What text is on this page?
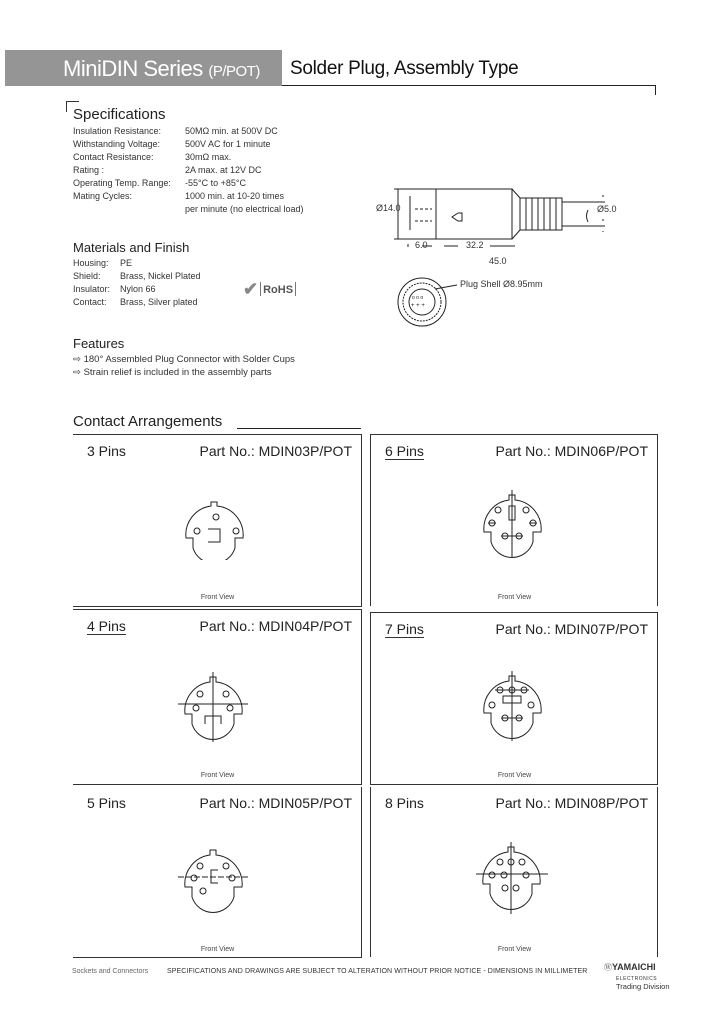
MiniDIN Series (P/POT) Solder Plug, Assembly Type
Specifications
Insulation Resistance:	50MΩ min. at 500V DC
Withstanding Voltage:	500V AC for 1 minute
Contact Resistance:	30mΩ max.
Rating :	2A max. at 12V DC
Operating Temp. Range: -55°C to +85°C
Mating Cycles:	1000 min. at 10-20 times
per minute (no electrical load)
Materials and Finish
Housing: PE
Shield: Brass, Nickel Plated
Insulator: Nylon 66
Contact: Brass, Silver plated
✔ RoHS
Ø14.0	Ø5.0
6.0	32.2
45.0
o o o
+ + +
Plug Shell Ø8.95mm
Features
⇨ 180° Assembled Plug Connector with Solder Cups
⇨ Strain relief is included in the assembly parts
Contact Arrangements
3 Pins	Part No.: MDIN03P/POT
Front View
6 Pins	Part No.: MDIN06P/POT
Front View
4 Pins	Part No.: MDIN04P/POT
Front View
7 Pins	Part No.: MDIN07P/POT
Front View
5 Pins	Part No.: MDIN05P/POT
Front View
8 Pins	Part No.: MDIN08P/POT
Front View
Sockets and Connectors	SPECIFICATIONS AND DRAWINGS ARE SUBJECT TO ALTERATION WITHOUT PRIOR NOTICE - DIMENSIONS IN MILLIMETER ⓌYAMAICHI
ELECTRONICS
Trading Division
